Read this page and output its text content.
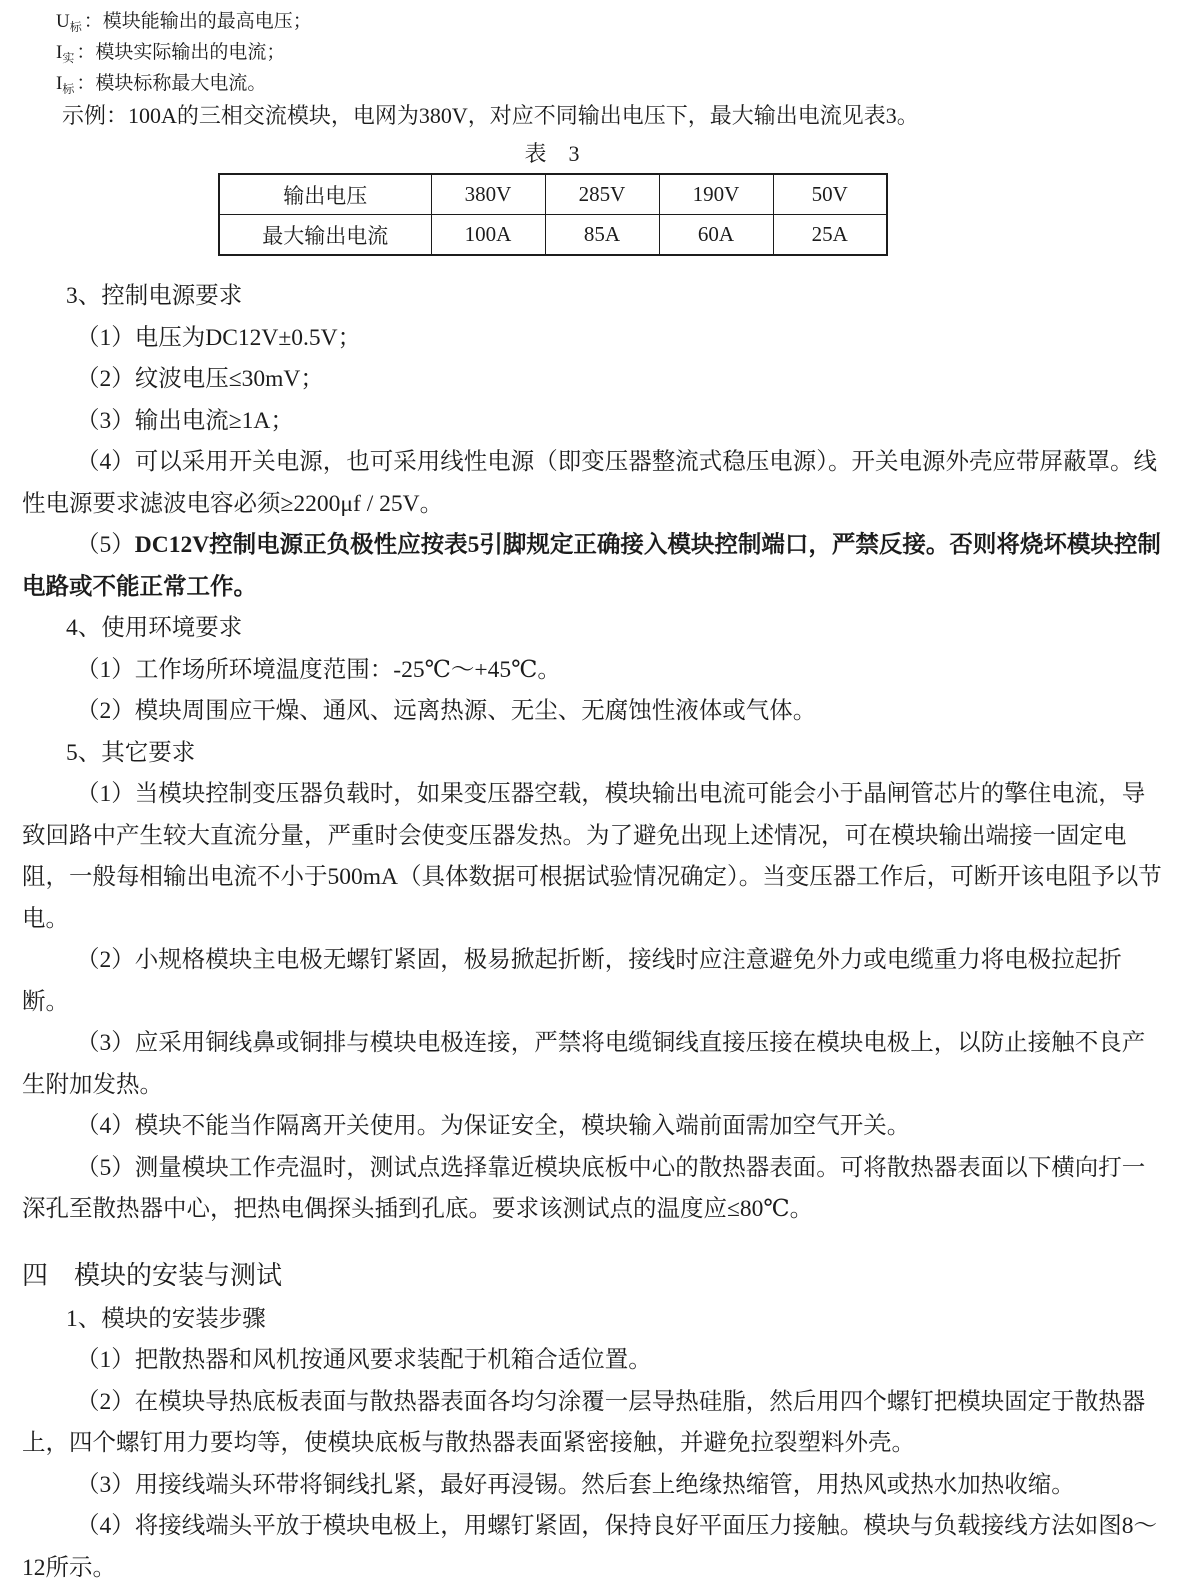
$U_标$ ：模块能输出的最高电压；

$I_实$ ：模块实际输出的电流；

$I_标$ ：模块标称最大电流。

示例：100A的三相交流模块，电网为380V，对应不同输出电压下，最大输出电流见表3。

表　3
输出电压	380V	285V	190V	50V
最大输出电流	100A	85A	60A	25A

3、控制电源要求

（1）电压为DC12V±0.5V；

（2）纹波电压≤30mV；

（3）输出电流≥1A；

（4）可以采用开关电源，也可采用线性电源（即变压器整流式稳压电源）。开关电源外壳应带屏蔽罩。线性电源要求滤波电容必须≥2200μf / 25V。

（5）DC12V控制电源正负极性应按表5引脚规定正确接入模块控制端口，严禁反接。否则将烧坏模块控制电路或不能正常工作。

4、使用环境要求

（1）工作场所环境温度范围：-25℃～+45℃。

（2）模块周围应干燥、通风、远离热源、无尘、无腐蚀性液体或气体。

5、其它要求

（1）当模块控制变压器负载时，如果变压器空载，模块输出电流可能会小于晶闸管芯片的擎住电流，导致回路中产生较大直流分量，严重时会使变压器发热。为了避免出现上述情况，可在模块输出端接一固定电阻，一般每相输出电流不小于500mA（具体数据可根据试验情况确定）。当变压器工作后，可断开该电阻予以节电。

（2）小规格模块主电极无螺钉紧固，极易掀起折断，接线时应注意避免外力或电缆重力将电极拉起折断。

（3）应采用铜线鼻或铜排与模块电极连接，严禁将电缆铜线直接压接在模块电极上，以防止接触不良产生附加发热。

（4）模块不能当作隔离开关使用。为保证安全，模块输入端前面需加空气开关。

（5）测量模块工作壳温时，测试点选择靠近模块底板中心的散热器表面。可将散热器表面以下横向打一深孔至散热器中心，把热电偶探头插到孔底。要求该测试点的温度应≤80℃。

四　模块的安装与测试

1、模块的安装步骤

（1）把散热器和风机按通风要求装配于机箱合适位置。

（2）在模块导热底板表面与散热器表面各均匀涂覆一层导热硅脂，然后用四个螺钉把模块固定于散热器上，四个螺钉用力要均等，使模块底板与散热器表面紧密接触，并避免拉裂塑料外壳。

（3）用接线端头环带将铜线扎紧，最好再浸锡。然后套上绝缘热缩管，用热风或热水加热收缩。

（4）将接线端头平放于模块电极上，用螺钉紧固，保持良好平面压力接触。模块与负载接线方法如图8～12所示。
